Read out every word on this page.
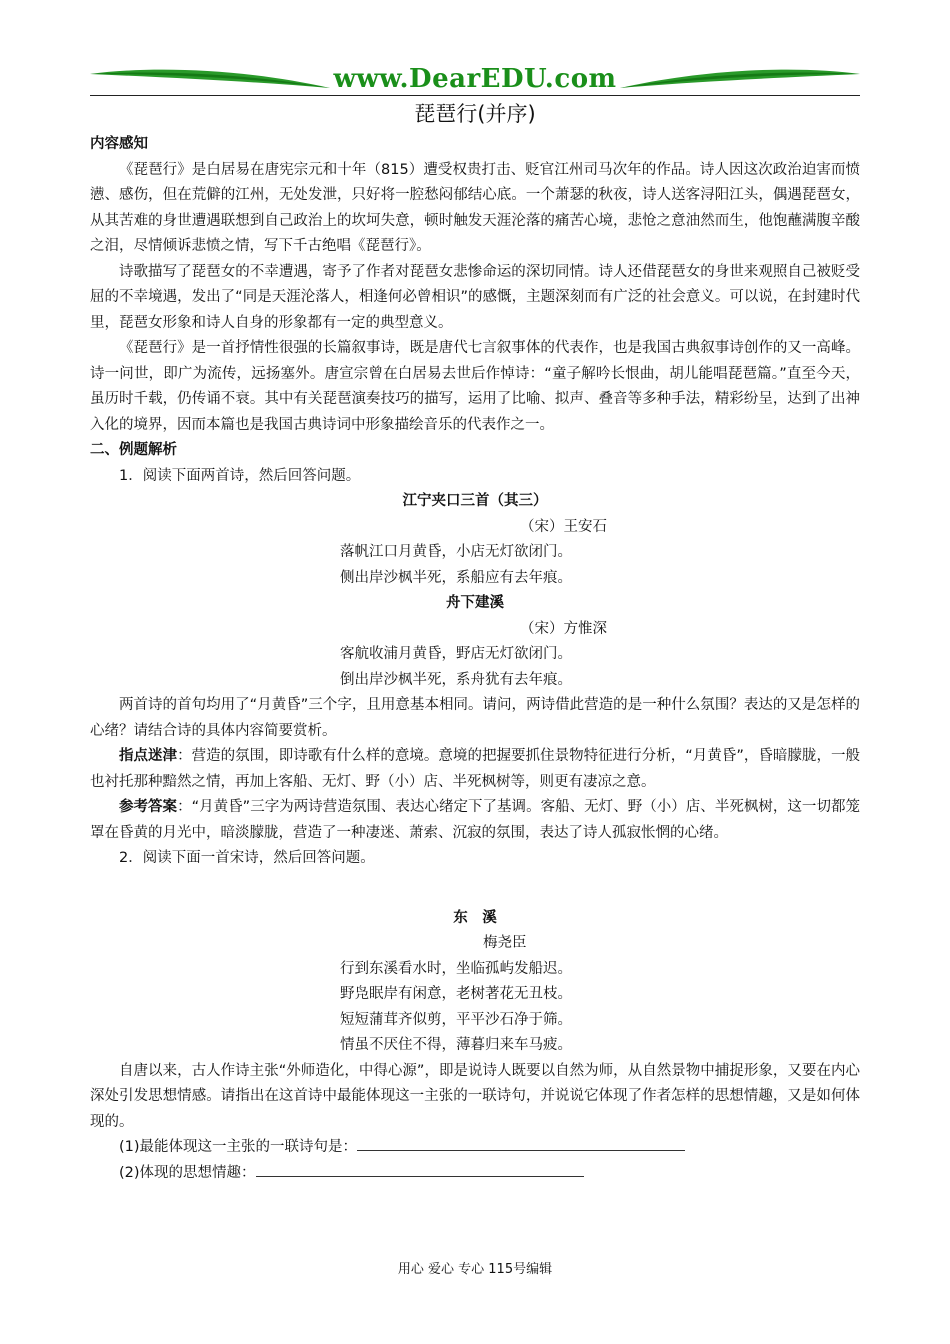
www.DearEDU.com
琵琶行(并序)

内容感知

《琵琶行》是白居易在唐宪宗元和十年（815）遭受权贵打击、贬官江州司马次年的作品。诗人因这次政治迫害而愤懑、感伤，但在荒僻的江州，无处发泄，只好将一腔愁闷郁结心底。一个萧瑟的秋夜，诗人送客浔阳江头，偶遇琵琶女，从其苦难的身世遭遇联想到自己政治上的坎坷失意，顿时触发天涯沦落的痛苦心境，悲怆之意油然而生，他饱蘸满腹辛酸之泪，尽情倾诉悲愤之情，写下千古绝唱《琵琶行》。

诗歌描写了琵琶女的不幸遭遇，寄予了作者对琵琶女悲惨命运的深切同情。诗人还借琵琶女的身世来观照自己被贬受屈的不幸境遇，发出了“同是天涯沦落人，相逢何必曾相识”的感慨，主题深刻而有广泛的社会意义。可以说，在封建时代里，琵琶女形象和诗人自身的形象都有一定的典型意义。

《琵琶行》是一首抒情性很强的长篇叙事诗，既是唐代七言叙事体的代表作，也是我国古典叙事诗创作的又一高峰。诗一问世，即广为流传，远扬塞外。唐宣宗曾在白居易去世后作悼诗：“童子解吟长恨曲，胡儿能唱琵琶篇。”直至今天，虽历时千载，仍传诵不衰。其中有关琵琶演奏技巧的描写，运用了比喻、拟声、叠音等多种手法，精彩纷呈，达到了出神入化的境界，因而本篇也是我国古典诗词中形象描绘音乐的代表作之一。

二、例题解析

1．阅读下面两首诗，然后回答问题。

江宁夹口三首（其三）

（宋）王安石

落帆江口月黄昏，小店无灯欲闭门。

侧出岸沙枫半死，系船应有去年痕。

舟下建溪

（宋）方惟深

客航收浦月黄昏，野店无灯欲闭门。

倒出岸沙枫半死，系舟犹有去年痕。

两首诗的首句均用了“月黄昏”三个字，且用意基本相同。请问，两诗借此营造的是一种什么氛围？表达的又是怎样的心绪？请结合诗的具体内容简要赏析。

指点迷津：营造的氛围，即诗歌有什么样的意境。意境的把握要抓住景物特征进行分析，“月黄昏”，昏暗朦胧，一般也衬托那种黯然之情，再加上客船、无灯、野（小）店、半死枫树等，则更有凄凉之意。

参考答案：“月黄昏”三字为两诗营造氛围、表达心绪定下了基调。客船、无灯、野（小）店、半死枫树，这一切都笼罩在昏黄的月光中，暗淡朦胧，营造了一种凄迷、萧索、沉寂的氛围，表达了诗人孤寂怅惘的心绪。

2．阅读下面一首宋诗，然后回答问题。

东　溪

梅尧臣

行到东溪看水时，坐临孤屿发船迟。

野凫眠岸有闲意，老树著花无丑枝。

短短蒲茸齐似剪，平平沙石净于筛。

情虽不厌住不得，薄暮归来车马疲。

自唐以来，古人作诗主张“外师造化，中得心源”，即是说诗人既要以自然为师，从自然景物中捕捉形象，又要在内心深处引发思想情感。请指出在这首诗中最能体现这一主张的一联诗句，并说说它体现了作者怎样的思想情趣，又是如何体现的。

(1)最能体现这一主张的一联诗句是：

(2)体现的思想情趣：

用心 爱心 专心 115号编辑
